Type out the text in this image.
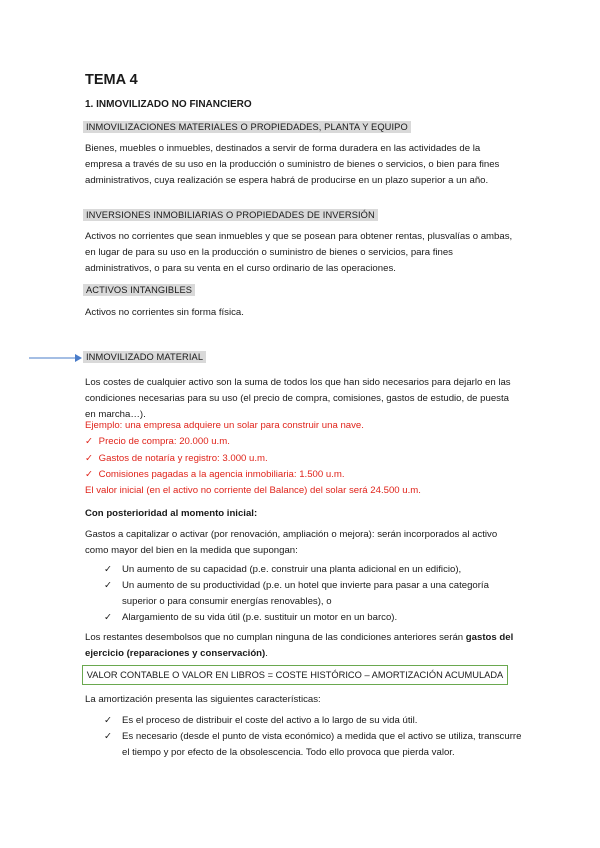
TEMA 4
1. INMOVILIZADO NO FINANCIERO
INMOVILIZACIONES MATERIALES O PROPIEDADES, PLANTA Y EQUIPO
Bienes, muebles o inmuebles, destinados a servir de forma duradera en las actividades de la empresa a través de su uso en la producción o suministro de bienes o servicios, o bien para fines administrativos, cuya realización se espera habrá de producirse en un plazo superior a un año.
INVERSIONES INMOBILIARIAS O PROPIEDADES DE INVERSIÓN
Activos no corrientes que sean inmuebles y que se posean para obtener rentas, plusvalías o ambas, en lugar de para su uso en la producción o suministro de bienes o servicios, para fines administrativos, o para su venta en el curso ordinario de las operaciones.
ACTIVOS INTANGIBLES
Activos no corrientes sin forma física.
INMOVILIZADO MATERIAL
Los costes de cualquier activo son la suma de todos los que han sido necesarios para dejarlo en las condiciones necesarias para su uso (el precio de compra, comisiones, gastos de estudio, de puesta en marcha…).
Ejemplo: una empresa adquiere un solar para construir una nave.
✓ Precio de compra: 20.000 u.m.
✓ Gastos de notaría y registro: 3.000 u.m.
✓ Comisiones pagadas a la agencia inmobiliaria: 1.500 u.m.
El valor inicial (en el activo no corriente del Balance) del solar será 24.500 u.m.
Con posterioridad al momento inicial:
Gastos a capitalizar o activar (por renovación, ampliación o mejora): serán incorporados al activo como mayor del bien en la medida que supongan:
✓ Un aumento de su capacidad (p.e. construir una planta adicional en un edificio),
✓ Un aumento de su productividad (p.e. un hotel que invierte para pasar a una categoría superior o para consumir energías renovables), o
✓ Alargamiento de su vida útil (p.e. sustituir un motor en un barco).
Los restantes desembolsos que no cumplan ninguna de las condiciones anteriores serán gastos del ejercicio (reparaciones y conservación).
VALOR CONTABLE O VALOR EN LIBROS = COSTE HISTÓRICO – AMORTIZACIÓN ACUMULADA
La amortización presenta las siguientes características:
✓ Es el proceso de distribuir el coste del activo a lo largo de su vida útil.
✓ Es necesario (desde el punto de vista económico) a medida que el activo se utiliza, transcurre el tiempo y por efecto de la obsolescencia. Todo ello provoca que pierda valor.
